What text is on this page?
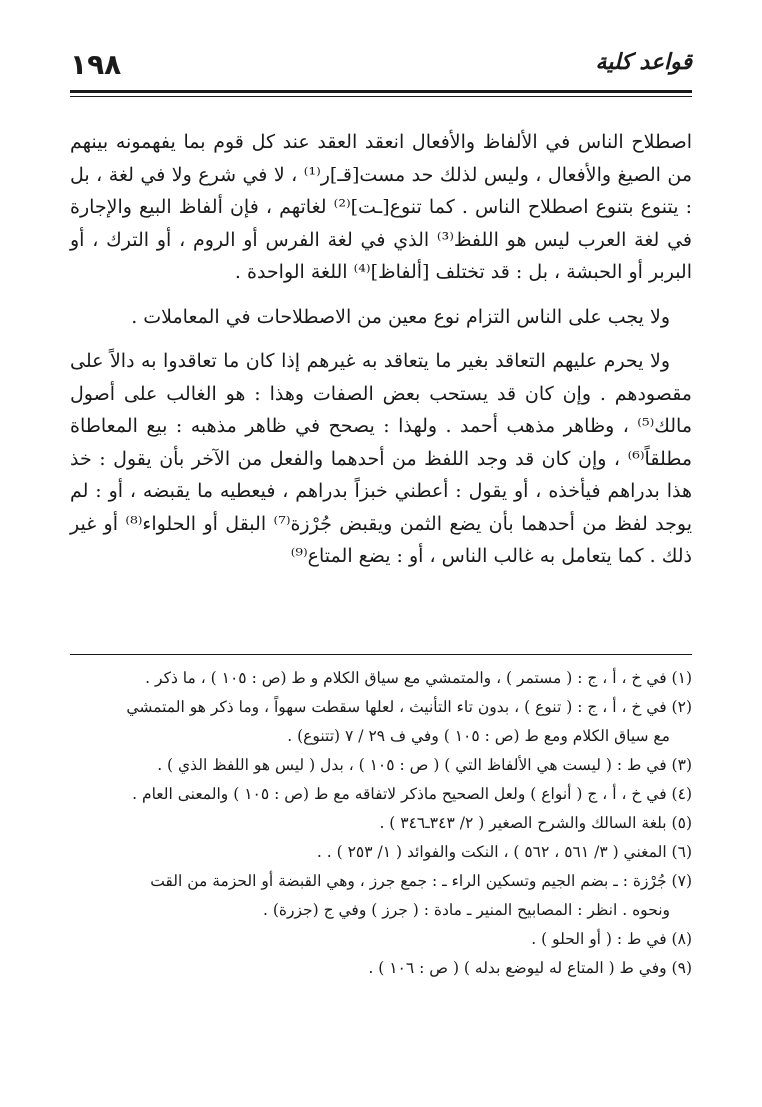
١٩٨	قواعد كلية

اصطلاح الناس في الألفاظ والأفعال انعقد العقد عند كل قوم بما يفهمونه بينهم من الصيغ والأفعال ، وليس لذلك حد مست[قـ]ر⁽¹⁾ ، لا في شرع ولا في لغة ، بل : يتنوع بتنوع اصطلاح الناس . كما تنوع[ـت]⁽²⁾ لغاتهم ، فإن ألفاظ البيع والإجارة في لغة العرب ليس هو اللفظ⁽³⁾ الذي في لغة الفرس أو الروم ، أو الترك ، أو البربر أو الحبشة ، بل : قد تختلف [ألفاظ]⁽⁴⁾ اللغة الواحدة .

ولا يجب على الناس التزام نوع معين من الاصطلاحات في المعاملات .

ولا يحرم عليهم التعاقد بغير ما يتعاقد به غيرهم إذا كان ما تعاقدوا به دالاً على مقصودهم . وإن كان قد يستحب بعض الصفات وهذا : هو الغالب على أصول مالك⁽⁵⁾ ، وظاهر مذهب أحمد . ولهذا : يصحح في ظاهر مذهبه : بيع المعاطاة مطلقاً⁽⁶⁾ ، وإن كان قد وجد اللفظ من أحدهما والفعل من الآخر بأن يقول : خذ هذا بدراهم فيأخذه ، أو يقول : أعطني خبزاً بدراهم ، فيعطيه ما يقبضه ، أو : لم يوجد لفظ من أحدهما بأن يضع الثمن ويقبض جُرْزة⁽⁷⁾ البقل أو الحلواء⁽⁸⁾ أو غير ذلك . كما يتعامل به غالب الناس ، أو : يضع المتاع⁽⁹⁾

(١) في خ ، أ ، ج : ( مستمر ) ، والمتمشي مع سياق الكلام و ط (ص : ١٠٥ ) ، ما ذكر .
(٢) في خ ، أ ، ج : ( تنوع ) ، بدون تاء التأنيث ، لعلها سقطت سهواً ، وما ذكر هو المتمشي
مع سياق الكلام ومع ط (ص : ١٠٥ ) وفي ف ٢٩ / ٧ (تتنوع) .
(٣) في ط : ( ليست هي الألفاظ التي ) ( ص : ١٠٥ ) ، بدل ( ليس هو اللفظ الذي ) .
(٤) في خ ، أ ، ج ( أنواع ) ولعل الصحيح ماذكر لاتفاقه مع ط (ص : ١٠٥ ) والمعنى العام .
(٥) بلغة السالك والشرح الصغير ( ٢/ ٣٤٣ـ٣٤٦ ) .
(٦) المغني ( ٣/ ٥٦١ ، ٥٦٢ ) ، النكت والفوائد ( ١/ ٢٥٣ ) . .
(٧) جُرْزة : ـ بضم الجيم وتسكين الراء ـ : جمع جرز ، وهي القبضة أو الحزمة من القت
ونحوه . انظر : المصابيح المنير ـ مادة : ( جرز ) وفي ج (جزرة) .
(٨) في ط : ( أو الحلو ) .
(٩) وفي ط ( المتاع له ليوضع بدله ) ( ص : ١٠٦ ) .
